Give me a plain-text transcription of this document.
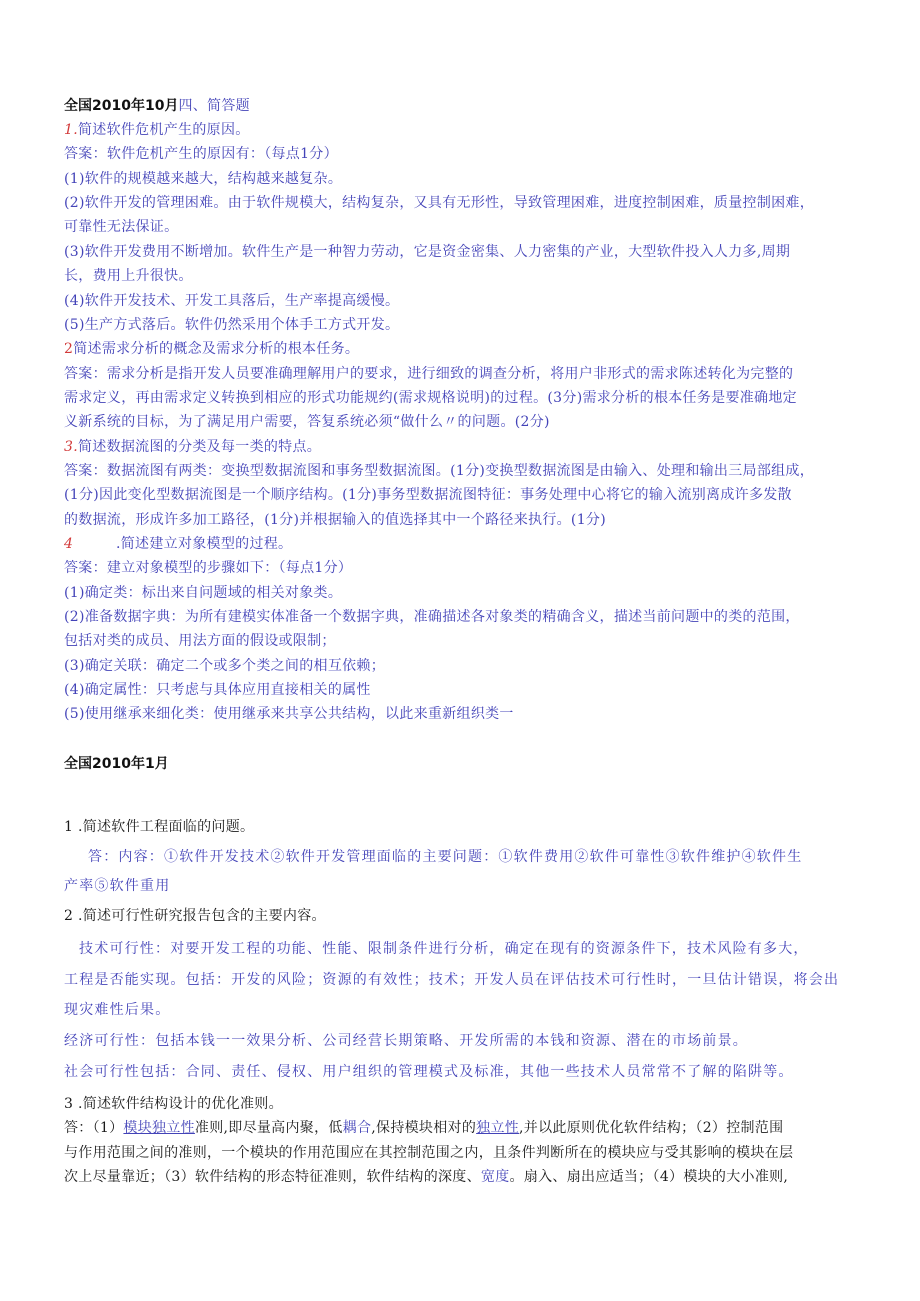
全国2010年10月四、简答题
1.简述软件危机产生的原因。
答案：软件危机产生的原因有：（每点1分）
(1)软件的规模越来越大，结构越来越复杂。
(2)软件开发的管理困难。由于软件规模大，结构复杂，又具有无形性，导致管理困难，进度控制困难，质量控制困难，
可靠性无法保证。
(3)软件开发费用不断增加。软件生产是一种智力劳动，它是资金密集、人力密集的产业，大型软件投入人力多,周期
长，费用上升很快。
(4)软件开发技术、开发工具落后，生产率提高缓慢。
(5)生产方式落后。软件仍然采用个体手工方式开发。
2简述需求分析的概念及需求分析的根本任务。
答案：需求分析是指开发人员要准确理解用户的要求，进行细致的调查分析，将用户非形式的需求陈述转化为完整的
需求定义，再由需求定义转换到相应的形式功能规约(需求规格说明)的过程。(3分)需求分析的根本任务是要准确地定
义新系统的目标，为了满足用户需要，答复系统必须“做什么〃的问题。(2分)
3.简述数据流图的分类及每一类的特点。
答案：数据流图有两类：变换型数据流图和事务型数据流图。(1分)变换型数据流图是由输入、处理和输出三局部组成，
(1分)因此变化型数据流图是一个顺序结构。(1分)事务型数据流图特征：事务处理中心将它的输入流别离成许多发散
的数据流，形成许多加工路径，(1分)并根据输入的值选择其中一个路径来执行。(1分)
4	.简述建立对象模型的过程。
答案：建立对象模型的步骤如下：（每点1分）
(1)确定类：标出来自问题域的相关对象类。
(2)准备数据字典：为所有建模实体准备一个数据字典，准确描述各对象类的精确含义，描述当前问题中的类的范围，
包括对类的成员、用法方面的假设或限制；
(3)确定关联：确定二个或多个类之间的相互依赖；
(4)确定属性：只考虑与具体应用直接相关的属性
(5)使用继承来细化类：使用继承来共享公共结构，以此来重新组织类一
全国2010年1月
1 .简述软件工程面临的问题。
答：内容：①软件开发技术②软件开发管理面临的主要问题：①软件费用②软件可靠性③软件维护④软件生
产率⑤软件重用
2 .简述可行性研究报告包含的主要内容。
技术可行性：对要开发工程的功能、性能、限制条件进行分析，确定在现有的资源条件下，技术风险有多大，
工程是否能实现。包括：开发的风险；资源的有效性；技术；开发人员在评估技术可行性时，一旦估计错误，将会出
现灾难性后果。
经济可行性：包括本钱一一效果分析、公司经营长期策略、开发所需的本钱和资源、潜在的市场前景。
社会可行性包括：合同、责任、侵权、用户组织的管理模式及标准，其他一些技术人员常常不了解的陷阱等。
3 .简述软件结构设计的优化准则。
答：（1）模块独立性准则,即尽量高内聚，低耦合,保持模块相对的独立性,并以此原则优化软件结构；（2）控制范围
与作用范围之间的准则，一个模块的作用范围应在其控制范围之内，且条件判断所在的模块应与受其影响的模块在层
次上尽量靠近；（3）软件结构的形态特征准则，软件结构的深度、宽度。扇入、扇出应适当；（4）模块的大小准则,
